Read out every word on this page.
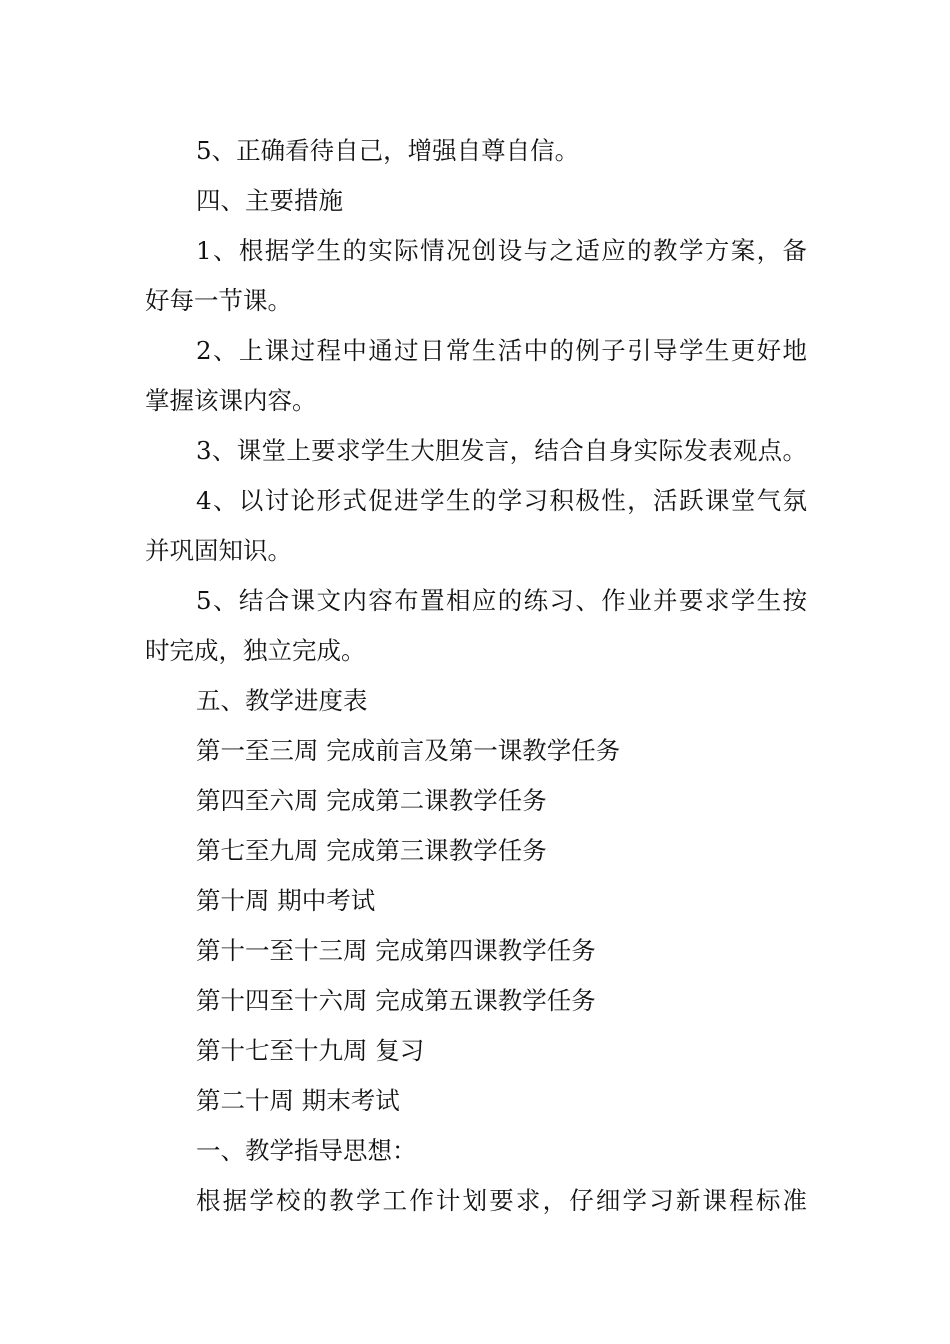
5、正确看待自己，增强自尊自信。
四、主要措施
1、根据学生的实际情况创设与之适应的教学方案，备
好每一节课。
2、上课过程中通过日常生活中的例子引导学生更好地
掌握该课内容。
3、课堂上要求学生大胆发言，结合自身实际发表观点。
4、以讨论形式促进学生的学习积极性，活跃课堂气氛
并巩固知识。
5、结合课文内容布置相应的练习、作业并要求学生按
时完成，独立完成。
五、教学进度表
第一至三周 完成前言及第一课教学任务
第四至六周 完成第二课教学任务
第七至九周 完成第三课教学任务
第十周 期中考试
第十一至十三周 完成第四课教学任务
第十四至十六周 完成第五课教学任务
第十七至十九周 复习
第二十周 期末考试
一、教学指导思想：
根据学校的教学工作计划要求，仔细学习新课程标准
